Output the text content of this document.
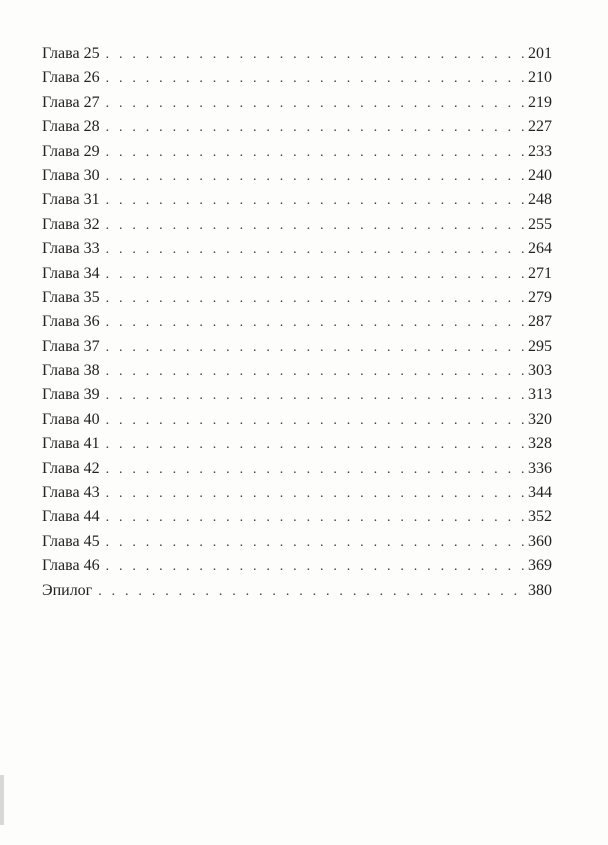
Глава 25 . . .	201
Глава 26 . . .	210
Глава 27 . . .	219
Глава 28 . . .	227
Глава 29 . . .	233
Глава 30 . . .	240
Глава 31 . . .	248
Глава 32 . . .	255
Глава 33 . . .	264
Глава 34 . . .	271
Глава 35 . . .	279
Глава 36 . . .	287
Глава 37 . . .	295
Глава 38 . . .	303
Глава 39 . . .	313
Глава 40 . . .	320
Глава 41 . . .	328
Глава 42 . . .	336
Глава 43 . . .	344
Глава 44 . . .	352
Глава 45 . . .	360
Глава 46 . . .	369
Эпилог . . .	380
